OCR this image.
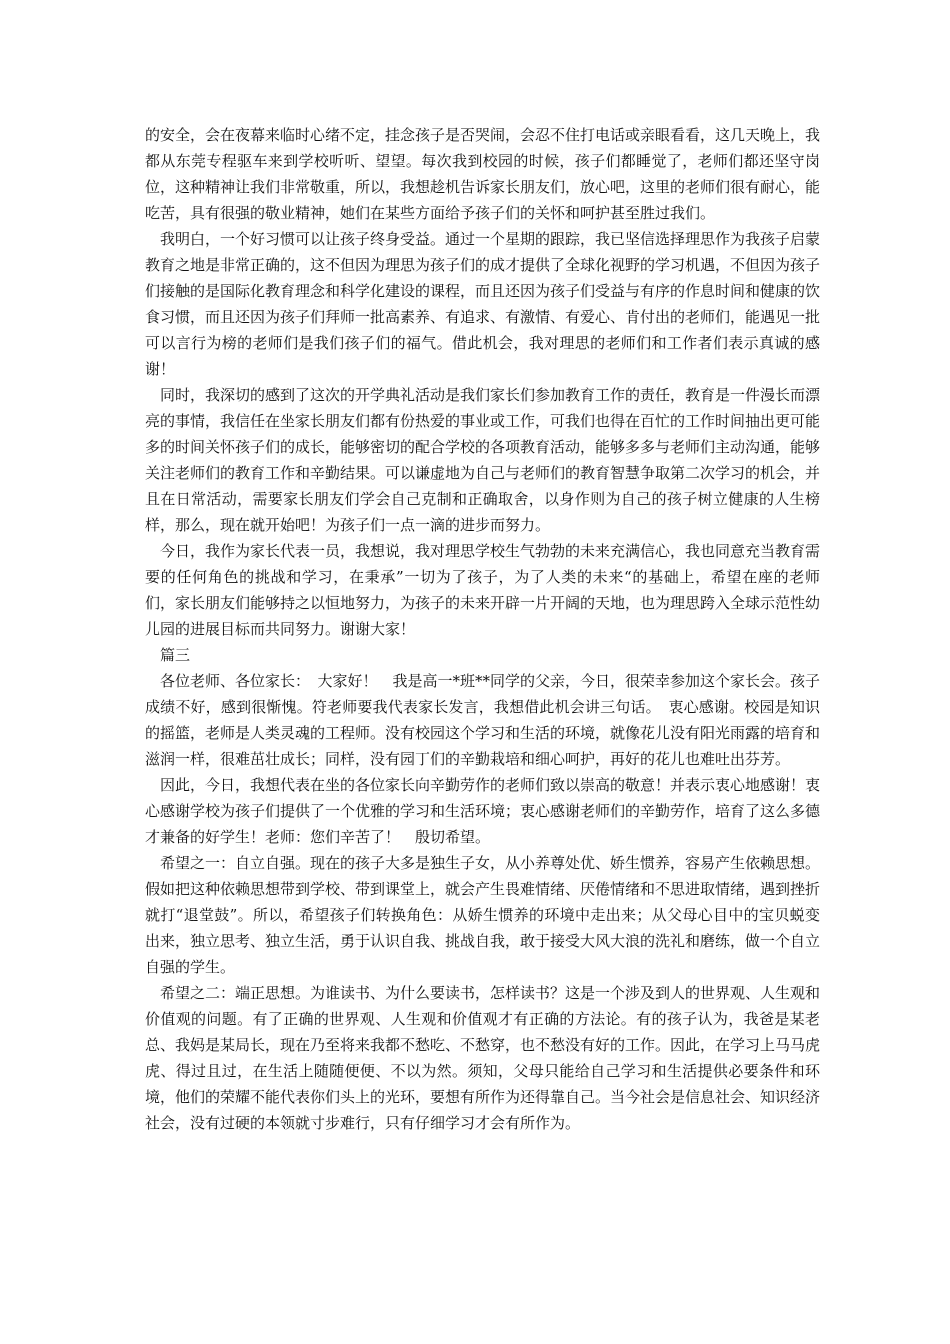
的安全，会在夜幕来临时心绪不定，挂念孩子是否哭闹，会忍不住打电话或亲眼看看，这几天晚上，我都从东莞专程驱车来到学校听听、望望。每次我到校园的时候，孩子们都睡觉了，老师们都还坚守岗位，这种精神让我们非常敬重，所以，我想趁机告诉家长朋友们，放心吧，这里的老师们很有耐心，能吃苦，具有很强的敬业精神，她们在某些方面给予孩子们的关怀和呵护甚至胜过我们。

　我明白，一个好习惯可以让孩子终身受益。通过一个星期的跟踪，我已坚信选择理思作为我孩子启蒙教育之地是非常正确的，这不但因为理思为孩子们的成才提供了全球化视野的学习机遇，不但因为孩子们接触的是国际化教育理念和科学化建设的课程，而且还因为孩子们受益与有序的作息时间和健康的饮食习惯，而且还因为孩子们拜师一批高素养、有追求、有激情、有爱心、肯付出的老师们，能遇见一批可以言行为榜的老师们是我们孩子们的福气。借此机会，我对理思的老师们和工作者们表示真诚的感谢！

　同时，我深切的感到了这次的开学典礼活动是我们家长们参加教育工作的责任，教育是一件漫长而漂亮的事情，我信任在坐家长朋友们都有份热爱的事业或工作，可我们也得在百忙的工作时间抽出更可能多的时间关怀孩子们的成长，能够密切的配合学校的各项教育活动，能够多多与老师们主动沟通，能够关注老师们的教育工作和辛勤结果。可以谦虚地为自己与老师们的教育智慧争取第二次学习的机会，并且在日常活动，需要家长朋友们学会自己克制和正确取舍，以身作则为自己的孩子树立健康的人生榜样，那么，现在就开始吧！为孩子们一点一滴的进步而努力。

　今日，我作为家长代表一员，我想说，我对理思学校生气勃勃的未来充满信心，我也同意充当教育需要的任何角色的挑战和学习，在秉承”一切为了孩子，为了人类的未来“的基础上，希望在座的老师们，家长朋友们能够持之以恒地努力，为孩子的未来开辟一片开阔的天地，也为理思跨入全球示范性幼儿园的进展目标而共同努力。谢谢大家！

　篇三

　各位老师、各位家长：　大家好！　我是高一*班**同学的父亲，今日，很荣幸参加这个家长会。孩子成绩不好，感到很惭愧。符老师要我代表家长发言，我想借此机会讲三句话。　衷心感谢。校园是知识的摇篮，老师是人类灵魂的工程师。没有校园这个学习和生活的环境，就像花儿没有阳光雨露的培育和滋润一样，很难茁壮成长；同样，没有园丁们的辛勤栽培和细心呵护，再好的花儿也难吐出芬芳。

　因此，今日，我想代表在坐的各位家长向辛勤劳作的老师们致以崇高的敬意！并表示衷心地感谢！衷心感谢学校为孩子们提供了一个优雅的学习和生活环境；衷心感谢老师们的辛勤劳作，培育了这么多德才兼备的好学生！老师：您们辛苦了！　殷切希望。

　希望之一：自立自强。现在的孩子大多是独生子女，从小养尊处优、娇生惯养，容易产生依赖思想。假如把这种依赖思想带到学校、带到课堂上，就会产生畏难情绪、厌倦情绪和不思进取情绪，遇到挫折就打“退堂鼓”。所以，希望孩子们转换角色：从娇生惯养的环境中走出来；从父母心目中的宝贝蜕变出来，独立思考、独立生活，勇于认识自我、挑战自我，敢于接受大风大浪的洗礼和磨练，做一个自立自强的学生。

　希望之二：端正思想。为谁读书、为什么要读书，怎样读书？这是一个涉及到人的世界观、人生观和价值观的问题。有了正确的世界观、人生观和价值观才有正确的方法论。有的孩子认为，我爸是某老总、我妈是某局长，现在乃至将来我都不愁吃、不愁穿，也不愁没有好的工作。因此，在学习上马马虎虎、得过且过，在生活上随随便便、不以为然。须知，父母只能给自己学习和生活提供必要条件和环境，他们的荣耀不能代表你们头上的光环，要想有所作为还得靠自己。当今社会是信息社会、知识经济社会，没有过硬的本领就寸步难行，只有仔细学习才会有所作为。
